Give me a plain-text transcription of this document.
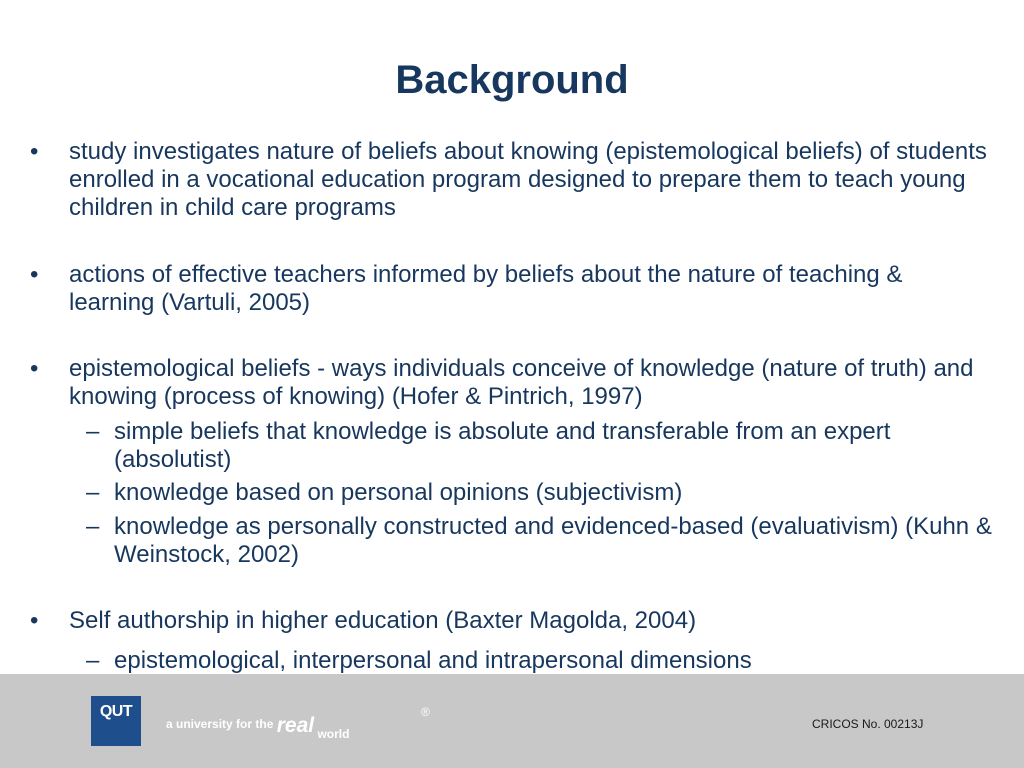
Background
• study investigates nature of beliefs about knowing (epistemological beliefs) of students enrolled in a vocational education program designed to prepare them to teach young children in child care programs
• actions of effective teachers informed by beliefs about the nature of teaching & learning (Vartuli, 2005)
• epistemological beliefs - ways individuals conceive of knowledge (nature of truth) and knowing (process of knowing) (Hofer & Pintrich, 1997)
– simple beliefs that knowledge is absolute and transferable from an expert (absolutist)
– knowledge based on personal opinions (subjectivism)
– knowledge as personally constructed and evidenced-based (evaluativism) (Kuhn & Weinstock, 2002)
• Self authorship in higher education (Baxter Magolda, 2004)
– epistemological, interpersonal and intrapersonal dimensions
QUT
a university for the real world
®
CRICOS No. 00213J
